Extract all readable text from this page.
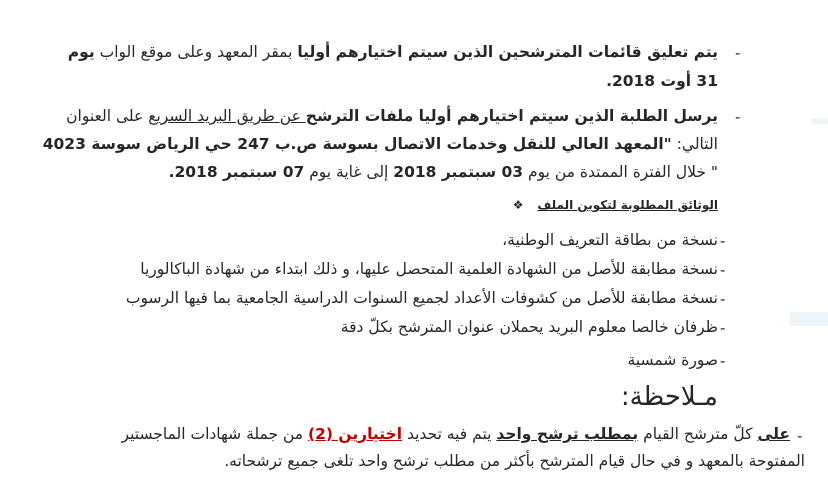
-
يتم تعليق قائمات المترشحين الذين سيتم اختيارهم أوليا بمقر المعهد وعلى موقع الواب يوم
31 أوت 2018.
-
يرسل الطلبة الذين سيتم اختيارهم أوليا ملفات الترشح عن طريق البريد السريع على العنوان
التالي: "المعهد العالي للنقل وخدمات الاتصال بسوسة ص.ب 247 حي الرياض سوسة 4023
" خلال الفترة الممتدة من يوم 03 سبتمبر 2018 إلى غاية يوم 07 سبتمبر 2018.
الوثائق المطلوبة لتكوين الملف ❖
-
نسخة من بطاقة التعريف الوطنية،
-
نسخة مطابقة للأصل من الشهادة العلمية المتحصل عليها، و ذلك ابتداء من شهادة الباكالوريا
-
نسخة مطابقة للأصل من كشوفات الأعداد لجميع السنوات الدراسية الجامعية بما فيها الرسوب
-
ظرفان خالصا معلوم البريد يحملان عنوان المترشح بكلّ دقة
-
صورة شمسية
مـلاحظة:
-
على كلّ مترشح القيام بمطلب ترشح واحد يتم فيه تحديد اختيارين (2) من جملة شهادات الماجستير
المفتوحة بالمعهد و في حال قيام المترشح بأكثر من مطلب ترشح واحد تلغى جميع ترشحاته.
